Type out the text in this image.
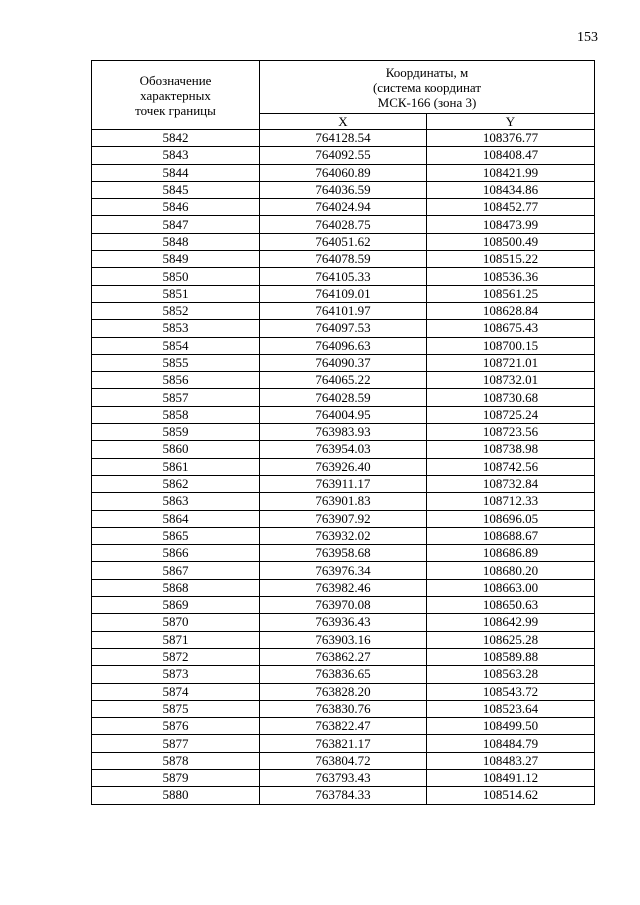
153
Обозначение
характерных
точек границы	Координаты, м
(система координат
МСК-166 (зона 3)	

	X	Y
5842	764128.54	108376.77
5843	764092.55	108408.47
5844	764060.89	108421.99
5845	764036.59	108434.86
5846	764024.94	108452.77
5847	764028.75	108473.99
5848	764051.62	108500.49
5849	764078.59	108515.22
5850	764105.33	108536.36
5851	764109.01	108561.25
5852	764101.97	108628.84
5853	764097.53	108675.43
5854	764096.63	108700.15
5855	764090.37	108721.01
5856	764065.22	108732.01
5857	764028.59	108730.68
5858	764004.95	108725.24
5859	763983.93	108723.56
5860	763954.03	108738.98
5861	763926.40	108742.56
5862	763911.17	108732.84
5863	763901.83	108712.33
5864	763907.92	108696.05
5865	763932.02	108688.67
5866	763958.68	108686.89
5867	763976.34	108680.20
5868	763982.46	108663.00
5869	763970.08	108650.63
5870	763936.43	108642.99
5871	763903.16	108625.28
5872	763862.27	108589.88
5873	763836.65	108563.28
5874	763828.20	108543.72
5875	763830.76	108523.64
5876	763822.47	108499.50
5877	763821.17	108484.79
5878	763804.72	108483.27
5879	763793.43	108491.12
5880	763784.33	108514.62
